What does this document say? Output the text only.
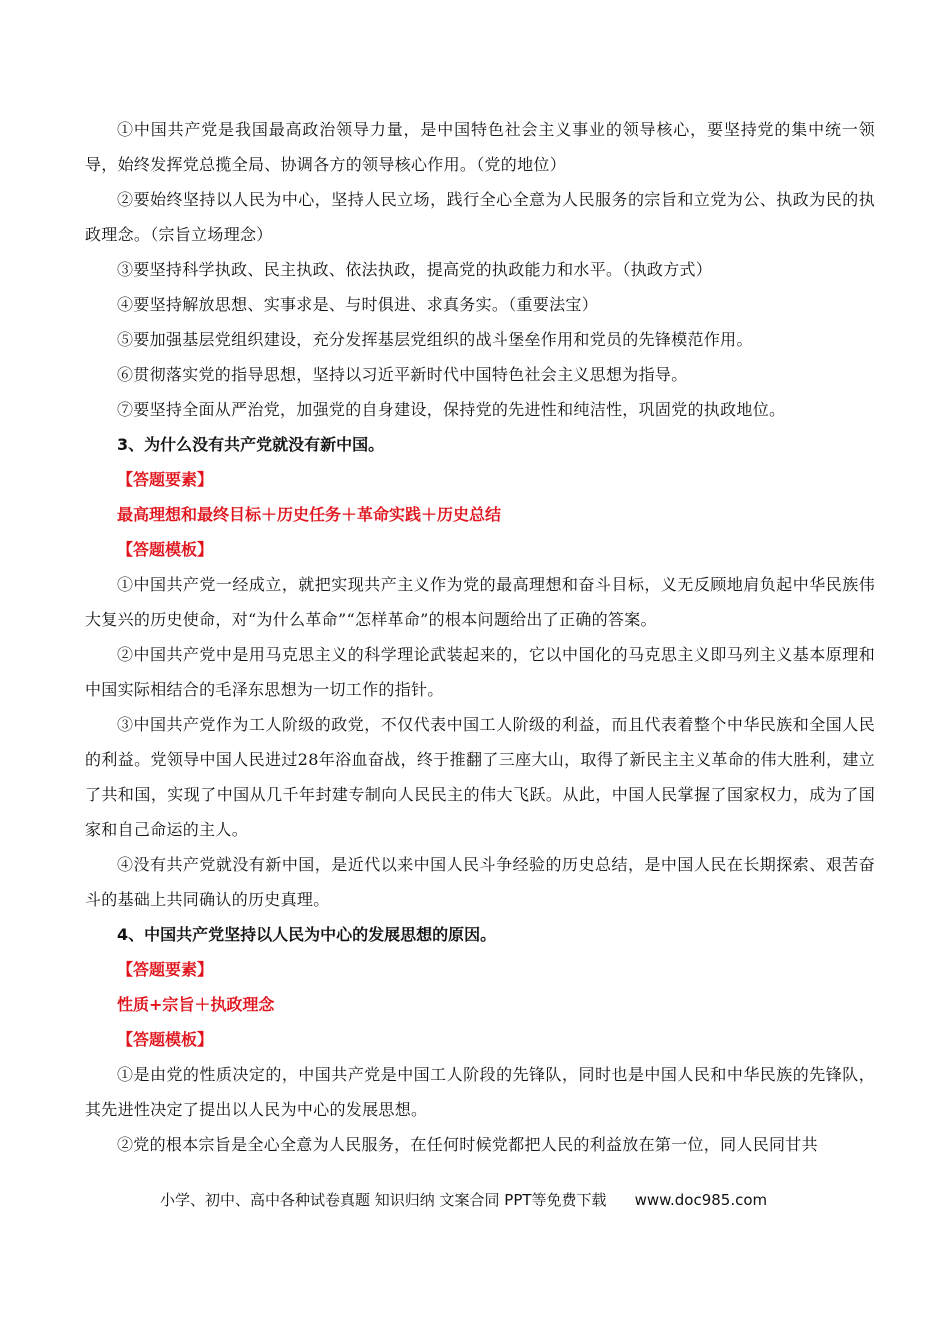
①中国共产党是我国最高政治领导力量，是中国特色社会主义事业的领导核心，要坚持党的集中统一领导，始终发挥党总揽全局、协调各方的领导核心作用。（党的地位）

②要始终坚持以人民为中心，坚持人民立场，践行全心全意为人民服务的宗旨和立党为公、执政为民的执政理念。（宗旨立场理念）

③要坚持科学执政、民主执政、依法执政，提高党的执政能力和水平。（执政方式）

④要坚持解放思想、实事求是、与时俱进、求真务实。（重要法宝）

⑤要加强基层党组织建设，充分发挥基层党组织的战斗堡垒作用和党员的先锋模范作用。

⑥贯彻落实党的指导思想，坚持以习近平新时代中国特色社会主义思想为指导。

⑦要坚持全面从严治党，加强党的自身建设，保持党的先进性和纯洁性，巩固党的执政地位。

3、为什么没有共产党就没有新中国。
【答题要素】
最高理想和最终目标＋历史任务＋革命实践＋历史总结
【答题模板】

①中国共产党一经成立，就把实现共产主义作为党的最高理想和奋斗目标，义无反顾地肩负起中华民族伟大复兴的历史使命，对“为什么革命”“怎样革命”的根本问题给出了正确的答案。

②中国共产党中是用马克思主义的科学理论武装起来的，它以中国化的马克思主义即马列主义基本原理和中国实际相结合的毛泽东思想为一切工作的指针。

③中国共产党作为工人阶级的政党，不仅代表中国工人阶级的利益，而且代表着整个中华民族和全国人民的利益。党领导中国人民进过28年浴血奋战，终于推翻了三座大山，取得了新民主主义革命的伟大胜利，建立了共和国，实现了中国从几千年封建专制向人民民主的伟大飞跃。从此，中国人民掌握了国家权力，成为了国家和自己命运的主人。

④没有共产党就没有新中国，是近代以来中国人民斗争经验的历史总结，是中国人民在长期探索、艰苦奋斗的基础上共同确认的历史真理。

4、中国共产党坚持以人民为中心的发展思想的原因。
【答题要素】
性质+宗旨＋执政理念
【答题模板】

①是由党的性质决定的，中国共产党是中国工人阶段的先锋队，同时也是中国人民和中华民族的先锋队，其先进性决定了提出以人民为中心的发展思想。

②党的根本宗旨是全心全意为人民服务，在任何时候党都把人民的利益放在第一位，同人民同甘共

小学、初中、高中各种试卷真题 知识归纳 文案合同 PPT等免费下载 www.doc985.com
